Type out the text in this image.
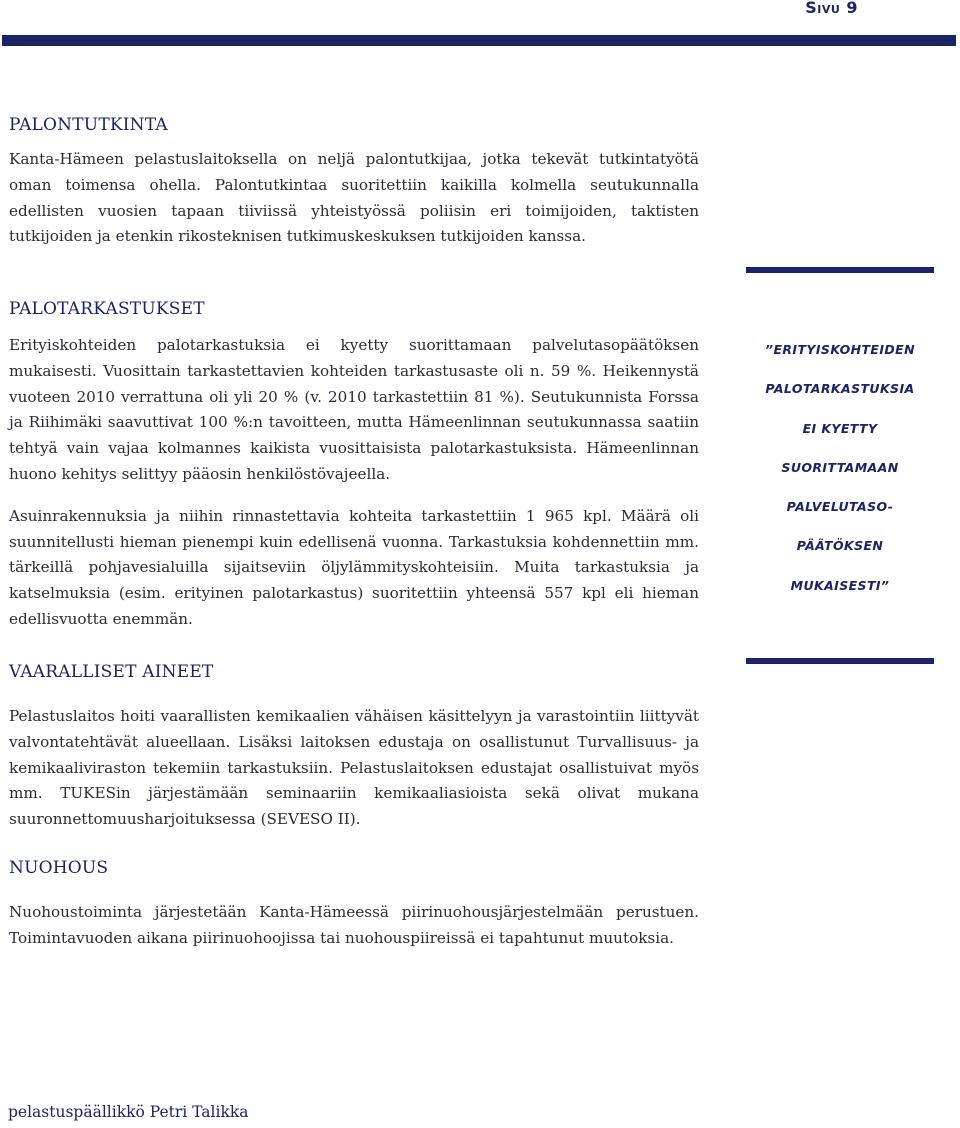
Sivu 9
PALONTUTKINTA
Kanta-Hämeen pelastuslaitoksella on neljä palontutkijaa, jotka tekevät tutkintatyötä oman toimensa ohella. Palontutkintaa suoritettiin kaikilla kolmella seutukunnalla edellisten vuosien tapaan tiiviissä yhteistyössä poliisin eri toimijoiden, taktisten tutkijoiden ja etenkin rikosteknisen tutkimuskeskuksen tutkijoiden kanssa.
PALOTARKASTUKSET
Erityiskohteiden palotarkastuksia ei kyetty suorittamaan palvelutasopäätöksen mukaisesti. Vuosittain tarkastettavien kohteiden tarkastusaste oli n. 59 %. Heikennystä vuoteen 2010 verrattuna oli yli 20 % (v. 2010 tarkastettiin 81 %). Seutukunnista Forssa ja Riihimäki saavuttivat 100 %:n tavoitteen, mutta Hämeenlinnan seutukunnassa saatiin tehtyä vain vajaa kolmannes kaikista vuosittaisista palotarkastuksista. Hämeenlinnan huono kehitys selittyy pääosin henkilöstövajeella.
Asuinrakennuksia ja niihin rinnastettavia kohteita tarkastettiin 1 965 kpl. Määrä oli suunnitellusti hieman pienempi kuin edellisenä vuonna. Tarkastuksia kohdennettiin mm. tärkeillä pohjavesialuilla sijaitseviin öljylämmityskohteisiin. Muita tarkastuksia ja katselmuksia (esim. erityinen palotarkastus) suoritettiin yhteensä 557 kpl eli hieman edellisvuotta enemmän.
”ERITYISKOHTEIDEN
PALOTARKASTUKSIA
EI KYETTY
SUORITTAMAAN
PALVELUTASO-
PÄÄTÖKSEN
MUKAISESTI”
VAARALLISET AINEET
Pelastuslaitos hoiti vaarallisten kemikaalien vähäisen käsittelyyn ja varastointiin liittyvät valvontatehtävät alueellaan. Lisäksi laitoksen edustaja on osallistunut Turvallisuus- ja kemikaaliviraston tekemiin tarkastuksiin. Pelastuslaitoksen edustajat osallistuivat myös mm. TUKESin järjestämään seminaariin kemikaaliasioista sekä olivat mukana suuronnettomuusharjoituksessa (SEVESO II).
NUOHOUS
Nuohoustoiminta järjestetään Kanta-Hämeessä piirinuohousjärjestelmään perustuen. Toimintavuoden aikana piirinuohoojissa tai nuohouspiireissä ei tapahtunut muutoksia.
pelastuspäällikkö Petri Talikka
